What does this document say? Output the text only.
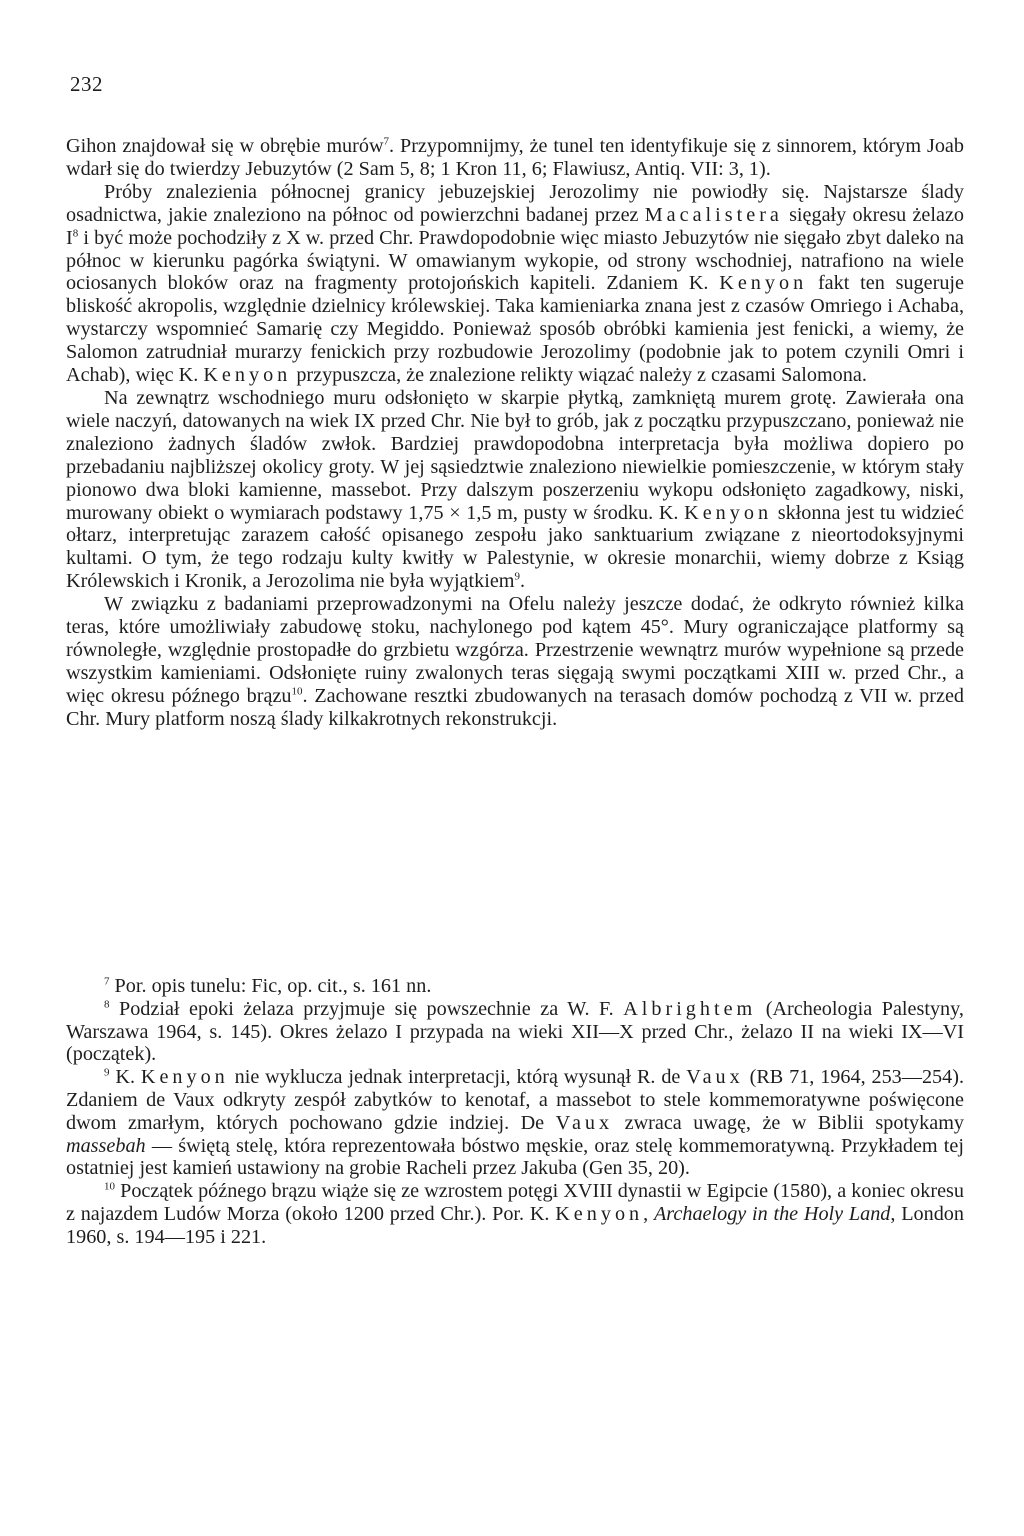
232

Gihon znajdował się w obrębie murów$^7$. Przypomnijmy, że tunel ten identyfikuje się z sinnorem, którym Joab wdarł się do twierdzy Jebuzytów (2 Sam 5, 8; 1 Kron 11, 6; Flawiusz, Antiq. VII: 3, 1).

Próby znalezienia północnej granicy jebuzejskiej Jerozolimy nie powiodły się. Najstarsze ślady osadnictwa, jakie znaleziono na północ od powierzchni badanej przez Macalistera sięgały okresu żelazo $I^8$ i być może pochodziły z X w. przed Chr. Prawdopodobnie więc miasto Jebuzytów nie sięgało zbyt daleko na północ w kierunku pagórka świątyni. W omawianym wykopie, od strony wschodniej, natrafiono na wiele ociosanych bloków oraz na fragmenty protojońskich kapiteli. Zdaniem K. Kenyon fakt ten sugeruje bliskość akropolis, względnie dzielnicy królewskiej. Taka kamieniarka znana jest z czasów Omriego i Achaba, wystarczy wspomnieć Samarię czy Megiddo. Ponieważ sposób obróbki kamienia jest fenicki, a wiemy, że Salomon zatrudniał murarzy fenickich przy rozbudowie Jerozolimy (podobnie jak to potem czynili Omri i Achab), więc K. Kenyon przypuszcza, że znalezione relikty wiązać należy z czasami Salomona.

Na zewnątrz wschodniego muru odsłonięto w skarpie płytką, zamkniętą murem grotę. Zawierała ona wiele naczyń, datowanych na wiek IX przed Chr. Nie był to grób, jak z początku przypuszczano, ponieważ nie znaleziono żadnych śladów zwłok. Bardziej prawdopodobna interpretacja była możliwa dopiero po przebadaniu najbliższej okolicy groty. W jej sąsiedztwie znaleziono niewielkie pomieszczenie, w którym stały pionowo dwa bloki kamienne, massebot. Przy dalszym poszerzeniu wykopu odsłonięto zagadkowy, niski, murowany obiekt o wymiarach podstawy 1,75 × 1,5 m, pusty w środku. K. Kenyon skłonna jest tu widzieć ołtarz, interpretując zarazem całość opisanego zespołu jako sanktuarium związane z nieortodoksyjnymi kultami. O tym, że tego rodzaju kulty kwitły w Palestynie, w okresie monarchii, wiemy dobrze z Ksiąg Królewskich i Kronik, a Jerozolima nie była wyjątkiem$^9$.

W związku z badaniami przeprowadzonymi na Ofelu należy jeszcze dodać, że odkryto również kilka teras, które umożliwiały zabudowę stoku, nachylonego pod kątem 45°. Mury ograniczające platformy są równoległe, względnie prostopadłe do grzbietu wzgórza. Przestrzenie wewnątrz murów wypełnione są przede wszystkim kamieniami. Odsłonięte ruiny zwalonych teras sięgają swymi początkami XIII w. przed Chr., a więc okresu późnego brązu$^{10}$. Zachowane resztki zbudowanych na terasach domów pochodzą z VII w. przed Chr. Mury platform noszą ślady kilkakrotnych rekonstrukcji.

$^7$ Por. opis tunelu: Fic, op. cit., s. 161 nn.

$^8$ Podział epoki żelaza przyjmuje się powszechnie za W. F. Albrightem (Archeologia Palestyny, Warszawa 1964, s. 145). Okres żelazo I przypada na wieki XII—X przed Chr., żelazo II na wieki IX—VI (początek).

$^9$ K. Kenyon nie wyklucza jednak interpretacji, którą wysunął R. de Vaux (RB 71, 1964, 253—254). Zdaniem de Vaux odkryty zespół zabytków to kenotaf, a massebot to stele kommemoratywne poświęcone dwom zmarłym, których pochowano gdzie indziej. De Vaux zwraca uwagę, że w Biblii spotykamy massebah — świętą stelę, która reprezentowała bóstwo męskie, oraz stelę kommemoratywną. Przykładem tej ostatniej jest kamień ustawiony na grobie Racheli przez Jakuba (Gen 35, 20).

$^{10}$ Początek późnego brązu wiąże się ze wzrostem potęgi XVIII dynastii w Egipcie (1580), a koniec okresu z najazdem Ludów Morza (około 1200 przed Chr.). Por. K. Kenyon, Archaelogy in the Holy Land, London 1960, s. 194—195 i 221.
